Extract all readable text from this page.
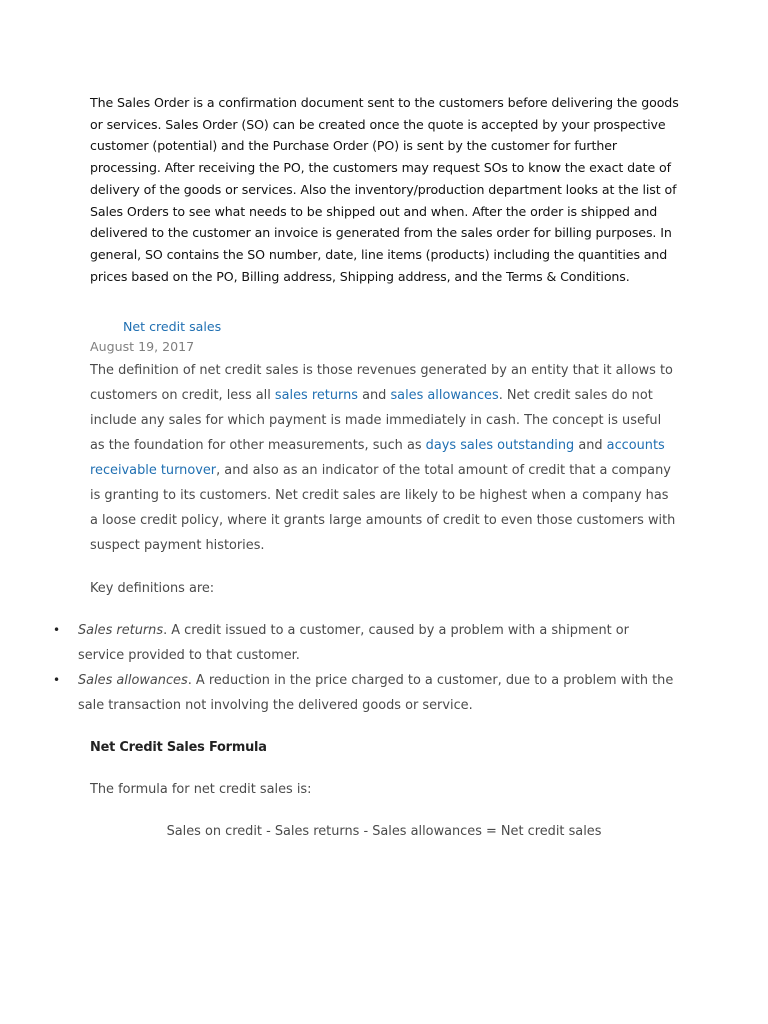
The Sales Order is a confirmation document sent to the customers before delivering the goods or services. Sales Order (SO) can be created once the quote is accepted by your prospective customer (potential) and the Purchase Order (PO) is sent by the customer for further processing. After receiving the PO, the customers may request SOs to know the exact date of delivery of the goods or services. Also the inventory/production department looks at the list of Sales Orders to see what needs to be shipped out and when. After the order is shipped and delivered to the customer an invoice is generated from the sales order for billing purposes. In general, SO contains the SO number, date, line items (products) including the quantities and prices based on the PO, Billing address, Shipping address, and the Terms & Conditions.

Net credit sales
August 19, 2017

The definition of net credit sales is those revenues generated by an entity that it allows to customers on credit, less all sales returns and sales allowances. Net credit sales do not include any sales for which payment is made immediately in cash. The concept is useful as the foundation for other measurements, such as days sales outstanding and accounts receivable turnover, and also as an indicator of the total amount of credit that a company is granting to its customers. Net credit sales are likely to be highest when a company has a loose credit policy, where it grants large amounts of credit to even those customers with suspect payment histories.

Key definitions are:

• Sales returns. A credit issued to a customer, caused by a problem with a shipment or service provided to that customer.
• Sales allowances. A reduction in the price charged to a customer, due to a problem with the sale transaction not involving the delivered goods or service.

Net Credit Sales Formula

The formula for net credit sales is:

Sales on credit - Sales returns - Sales allowances = Net credit sales
